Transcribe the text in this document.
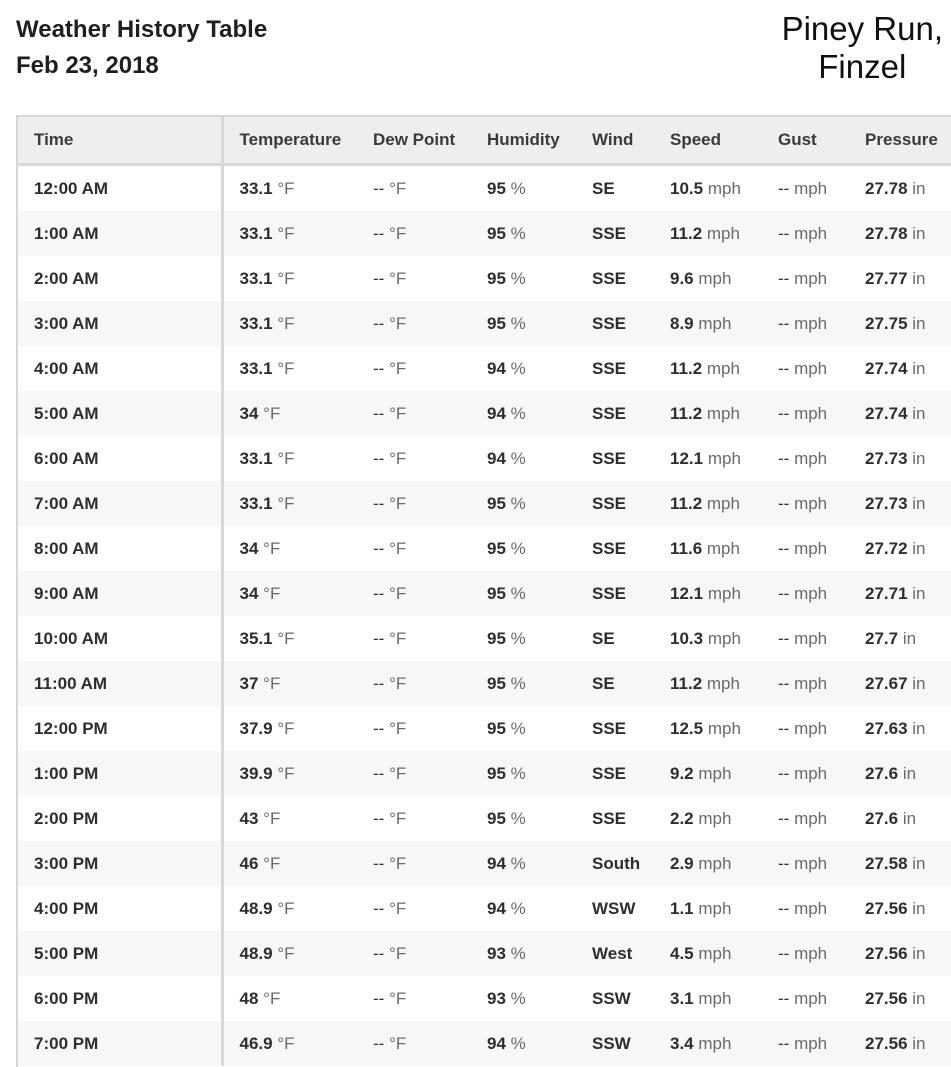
Weather History Table
Feb 23, 2018
Piney Run,
Finzel
Time	Temperature	Dew Point	Humidity	Wind	Speed	Gust	Pressure
12:00 AM	33.1 °F	-- °F	95 %	SE	10.5 mph	-- mph	27.78 in
1:00 AM	33.1 °F	-- °F	95 %	SSE	11.2 mph	-- mph	27.78 in
2:00 AM	33.1 °F	-- °F	95 %	SSE	9.6 mph	-- mph	27.77 in
3:00 AM	33.1 °F	-- °F	95 %	SSE	8.9 mph	-- mph	27.75 in
4:00 AM	33.1 °F	-- °F	94 %	SSE	11.2 mph	-- mph	27.74 in
5:00 AM	34 °F	-- °F	94 %	SSE	11.2 mph	-- mph	27.74 in
6:00 AM	33.1 °F	-- °F	94 %	SSE	12.1 mph	-- mph	27.73 in
7:00 AM	33.1 °F	-- °F	95 %	SSE	11.2 mph	-- mph	27.73 in
8:00 AM	34 °F	-- °F	95 %	SSE	11.6 mph	-- mph	27.72 in
9:00 AM	34 °F	-- °F	95 %	SSE	12.1 mph	-- mph	27.71 in
10:00 AM	35.1 °F	-- °F	95 %	SE	10.3 mph	-- mph	27.7 in
11:00 AM	37 °F	-- °F	95 %	SE	11.2 mph	-- mph	27.67 in
12:00 PM	37.9 °F	-- °F	95 %	SSE	12.5 mph	-- mph	27.63 in
1:00 PM	39.9 °F	-- °F	95 %	SSE	9.2 mph	-- mph	27.6 in
2:00 PM	43 °F	-- °F	95 %	SSE	2.2 mph	-- mph	27.6 in
3:00 PM	46 °F	-- °F	94 %	South	2.9 mph	-- mph	27.58 in
4:00 PM	48.9 °F	-- °F	94 %	WSW	1.1 mph	-- mph	27.56 in
5:00 PM	48.9 °F	-- °F	93 %	West	4.5 mph	-- mph	27.56 in
6:00 PM	48 °F	-- °F	93 %	SSW	3.1 mph	-- mph	27.56 in
7:00 PM	46.9 °F	-- °F	94 %	SSW	3.4 mph	-- mph	27.56 in
